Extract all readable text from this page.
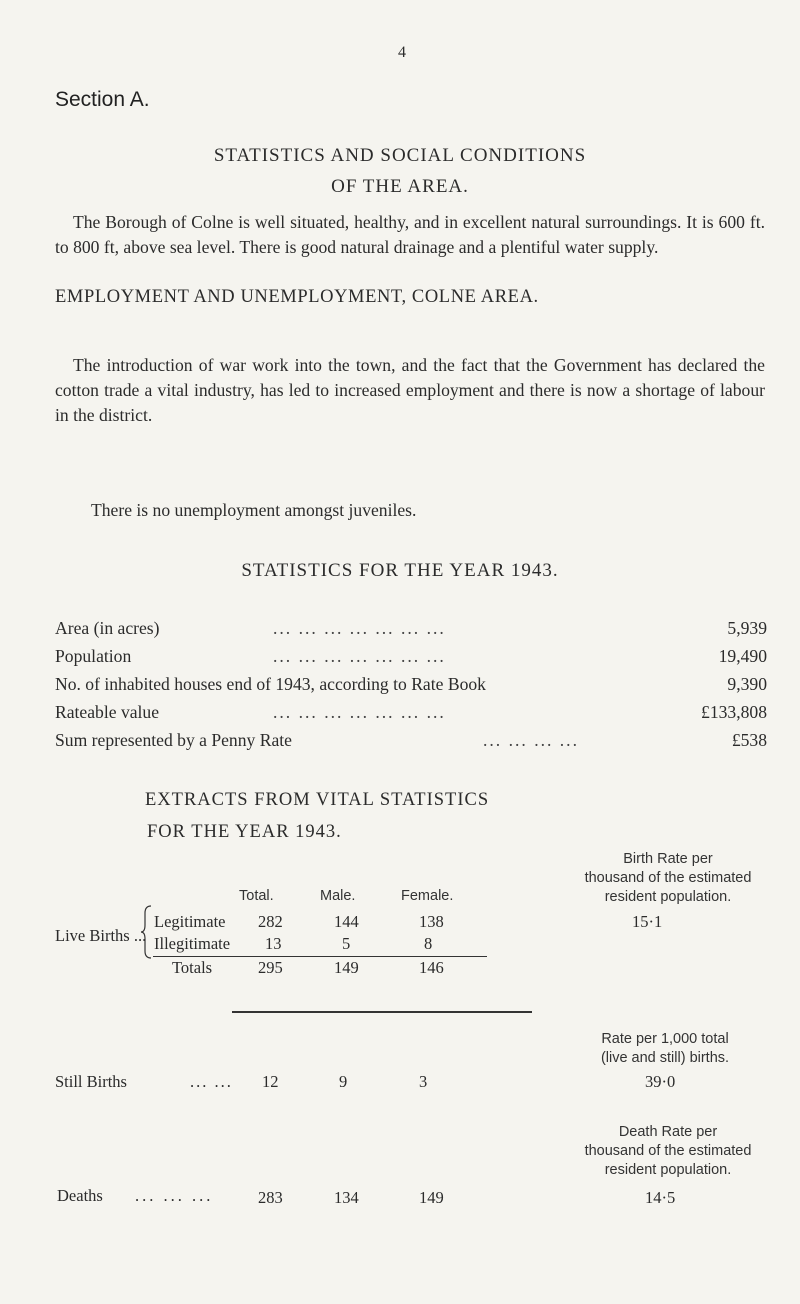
4
Section A.
STATISTICS AND SOCIAL CONDITIONS
OF THE AREA.
The Borough of Colne is well situated, healthy, and in excellent natural surroundings. It is 600 ft. to 800 ft, above sea level. There is good natural drainage and a plentiful water supply.
EMPLOYMENT AND UNEMPLOYMENT, COLNE AREA.
The introduction of war work into the town, and the fact that the Government has declared the cotton trade a vital industry, has led to increased employment and there is now a shortage of labour in the district.
There is no unemployment amongst juveniles.
STATISTICS FOR THE YEAR 1943.
Area (in acres)	... ... ... ... ... ... ...	5,939
Population	... ... ... ... ... ... ...	19,490
No. of inhabited houses end of 1943, according to Rate Book	9,390
Rateable value	... ... ... ... ... ... ...	£133,808
Sum represented by a Penny Rate	... ... ... ...	£538
EXTRACTS FROM VITAL STATISTICS
FOR THE YEAR 1943.
Birth Rate per
thousand of the estimated
resident population.
Total.	Male.	Female.
Live Births ...
Legitimate 282	144	138	15·1
Illegitimate 13	5	8
Totals	295	149	146
Rate per 1,000 total
(live and still) births.
Still Births	... ... 12	9	3	39·0
Death Rate per
thousand of the estimated
resident population.
Deaths ... ... ...	283	134	149	14·5
